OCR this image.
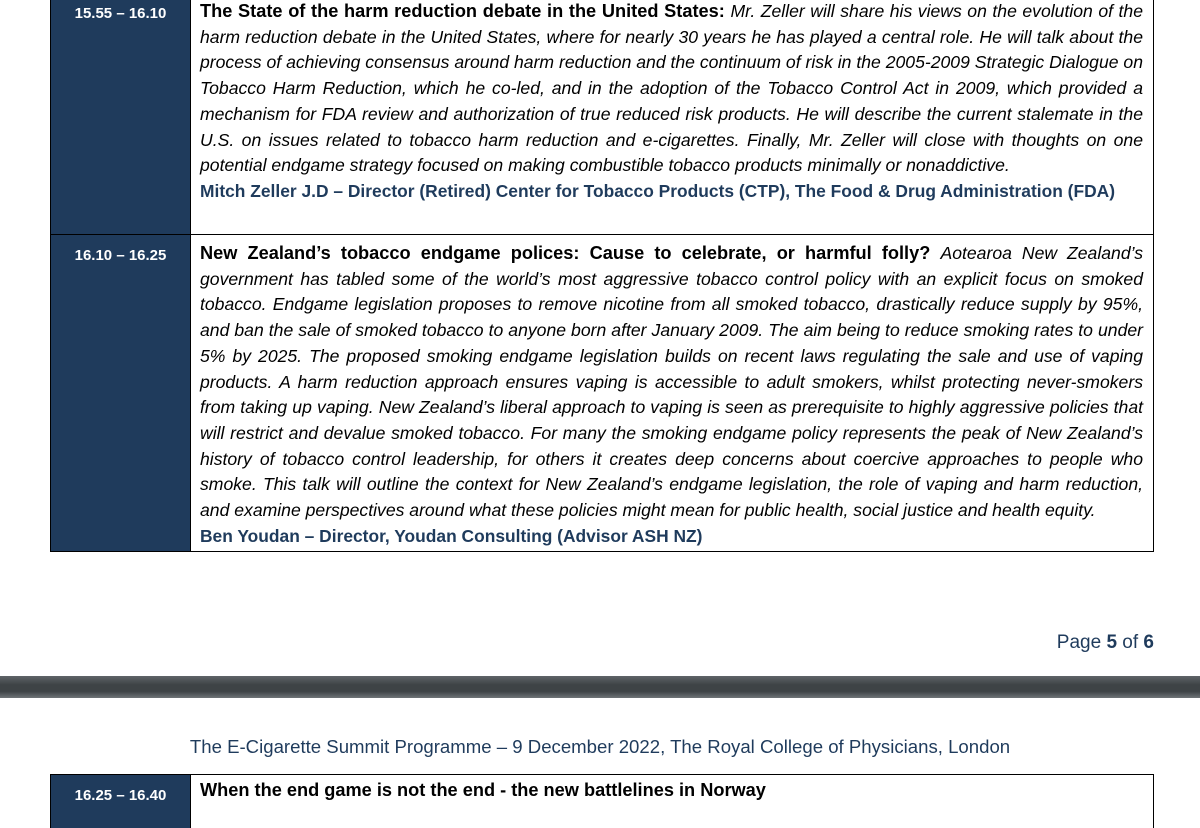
15.55 – 16.10	The State of the harm reduction debate in the United States: Mr. Zeller will share his views on the evolution of the harm reduction debate in the United States, where for nearly 30 years he has played a central role. He will talk about the process of achieving consensus around harm reduction and the continuum of risk in the 2005-2009 Strategic Dialogue on Tobacco Harm Reduction, which he co-led, and in the adoption of the Tobacco Control Act in 2009, which provided a mechanism for FDA review and authorization of true reduced risk products. He will describe the current stalemate in the U.S. on issues related to tobacco harm reduction and e-cigarettes. Finally, Mr. Zeller will close with thoughts on one potential endgame strategy focused on making combustible tobacco products minimally or nonaddictive.
Mitch Zeller J.D – Director (Retired) Center for Tobacco Products (CTP), The Food & Drug Administration (FDA)

16.10 – 16.25	New Zealand’s tobacco endgame polices: Cause to celebrate, or harmful folly? Aotearoa New Zealand’s government has tabled some of the world’s most aggressive tobacco control policy with an explicit focus on smoked tobacco. Endgame legislation proposes to remove nicotine from all smoked tobacco, drastically reduce supply by 95%, and ban the sale of smoked tobacco to anyone born after January 2009. The aim being to reduce smoking rates to under 5% by 2025. The proposed smoking endgame legislation builds on recent laws regulating the sale and use of vaping products. A harm reduction approach ensures vaping is accessible to adult smokers, whilst protecting never-smokers from taking up vaping. New Zealand’s liberal approach to vaping is seen as prerequisite to highly aggressive policies that will restrict and devalue smoked tobacco. For many the smoking endgame policy represents the peak of New Zealand’s history of tobacco control leadership, for others it creates deep concerns about coercive approaches to people who smoke. This talk will outline the context for New Zealand’s endgame legislation, the role of vaping and harm reduction, and examine perspectives around what these policies might mean for public health, social justice and health equity.
Ben Youdan – Director, Youdan Consulting (Advisor ASH NZ)
Page 5 of 6
The E-Cigarette Summit Programme – 9 December 2022, The Royal College of Physicians, London
16.25 – 16.40	When the end game is not the end - the new battlelines in Norway
